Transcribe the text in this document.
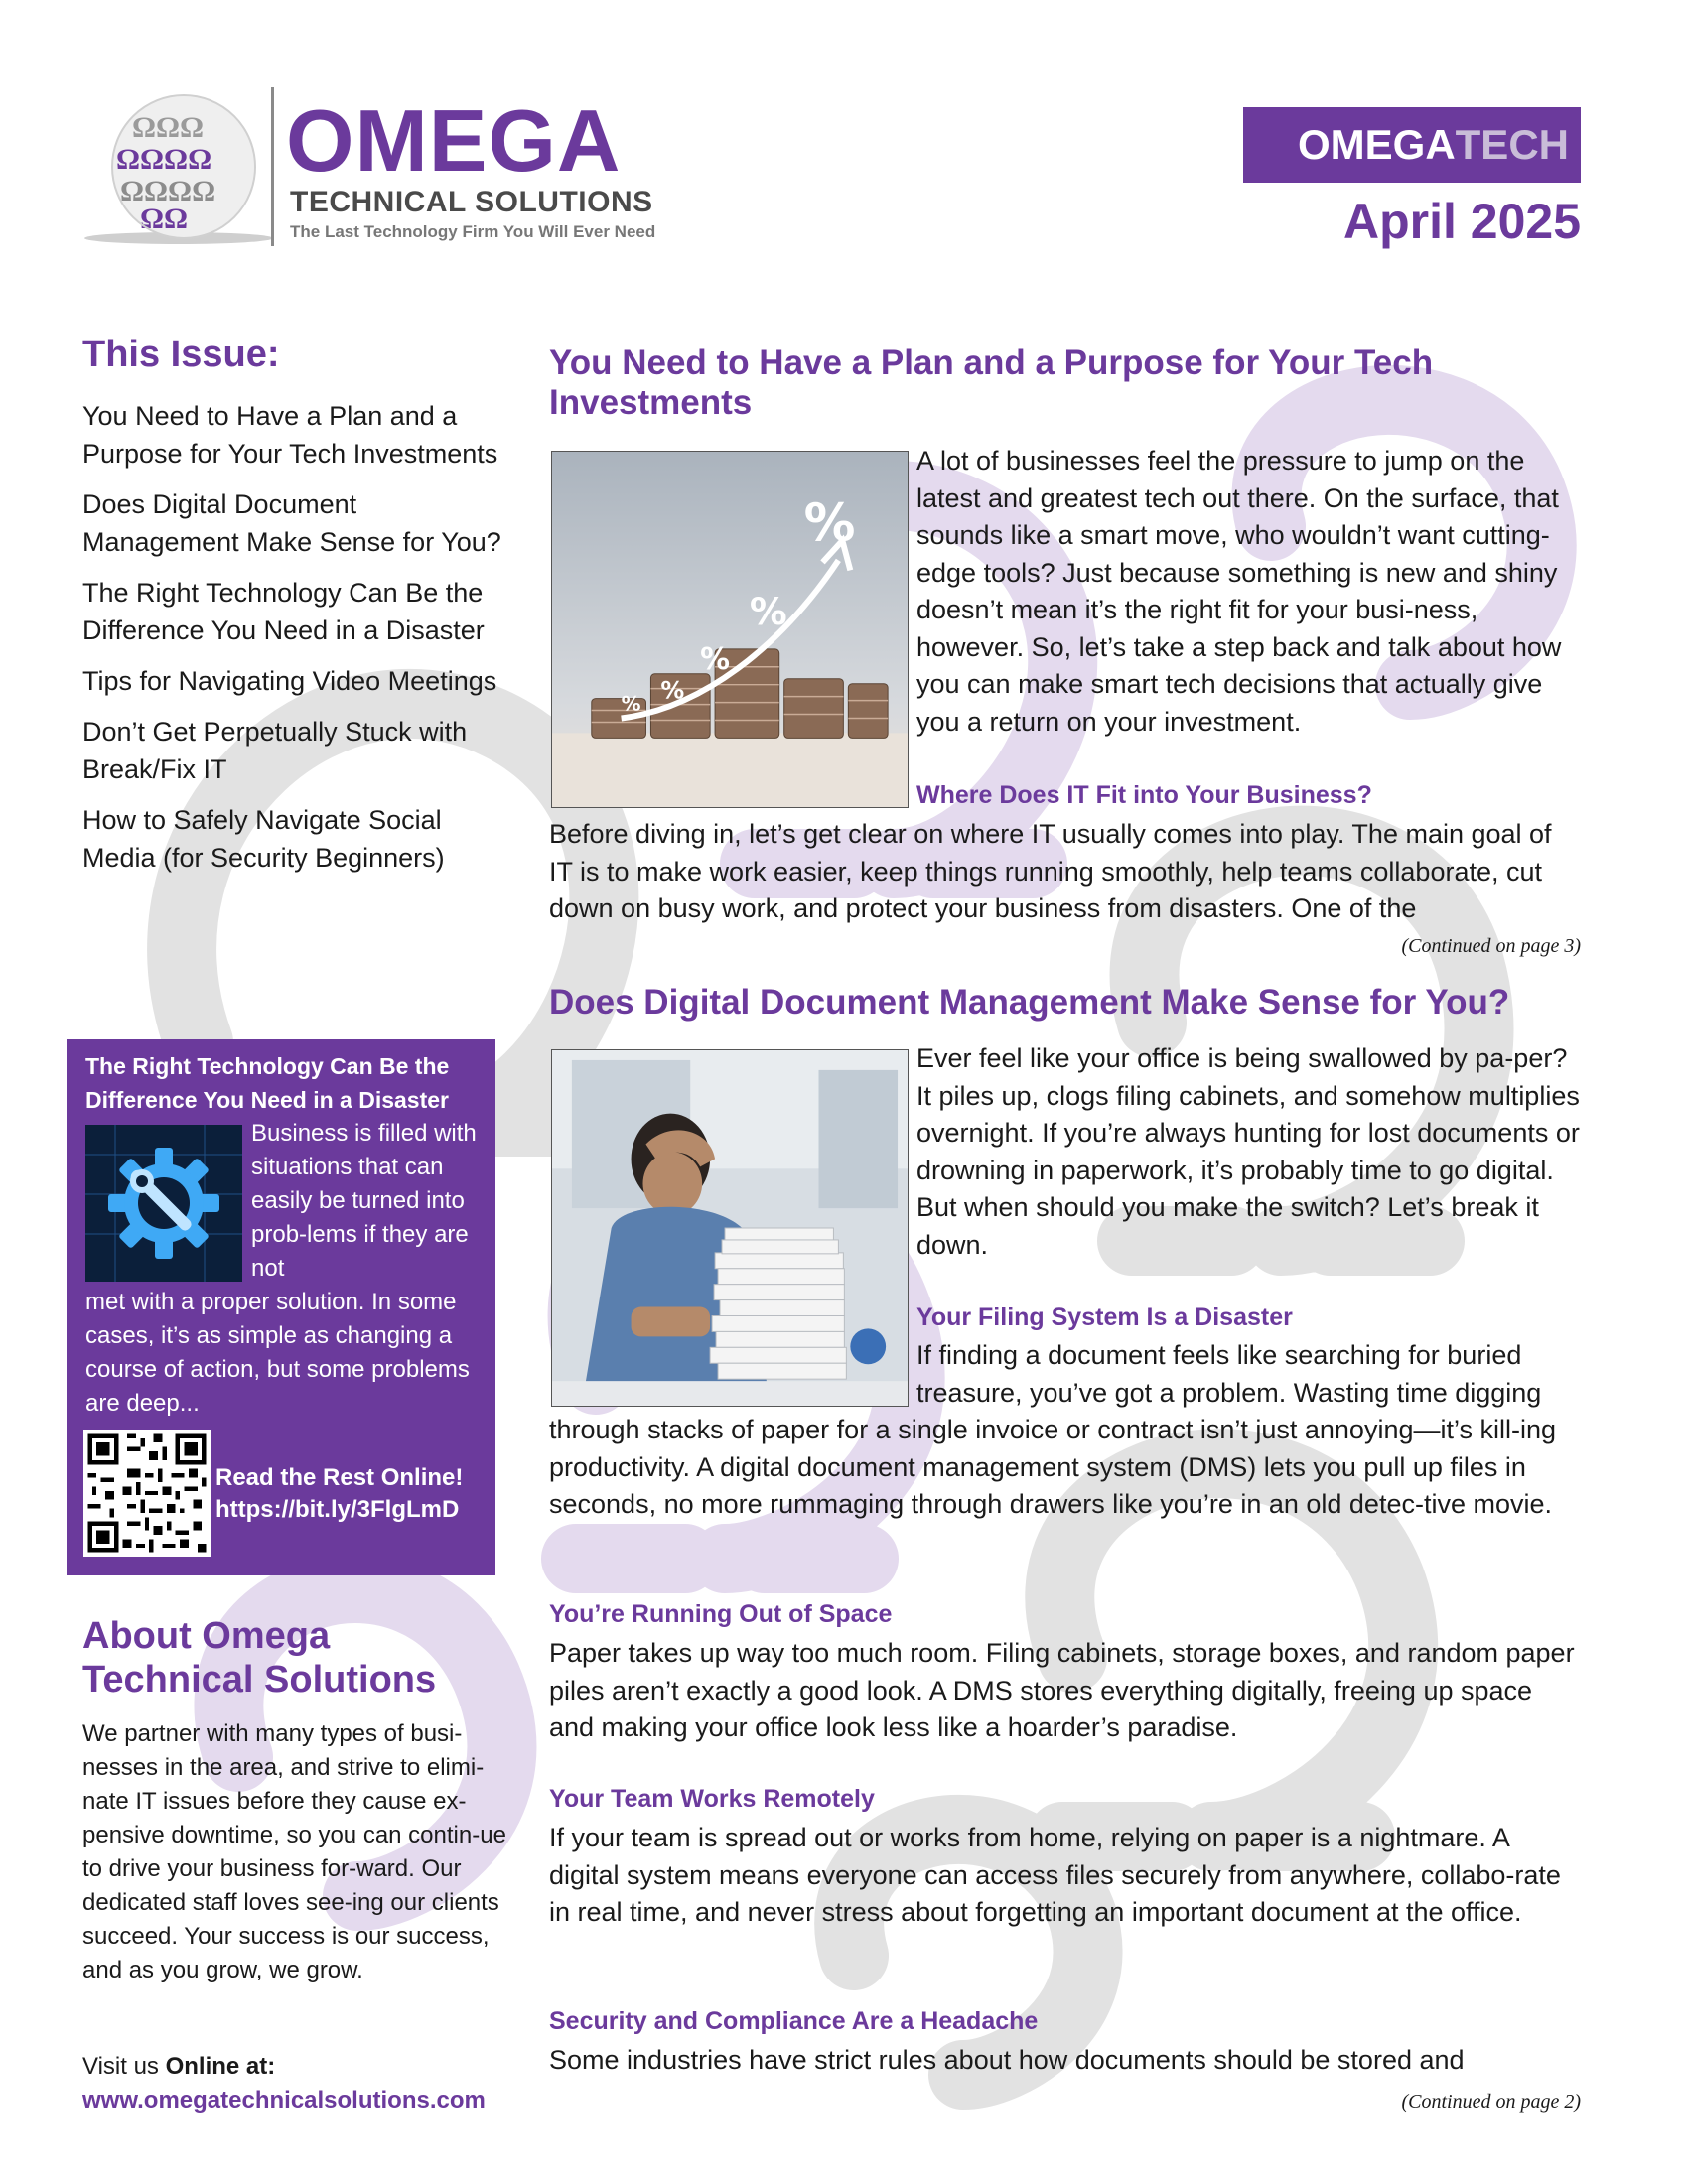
ΩΩΩ
ΩΩΩΩ
ΩΩΩΩ
ΩΩ
OMEGA
TECHNICAL SOLUTIONS
The Last Technology Firm You Will Ever Need
OMEGA TECH
April 2025
This Issue:
You Need to Have a Plan and a Purpose for Your Tech Investments
Does Digital Document Management Make Sense for You?
The Right Technology Can Be the Difference You Need in a Disaster
Tips for Navigating Video Meetings
Don’t Get Perpetually Stuck with Break/Fix IT
How to Safely Navigate Social Media (for Security Beginners)
The Right Technology Can Be the Difference You Need in a Disaster
Business is filled with situations that can easily be turned into prob-lems if they are not
met with a proper solution. In some cases, it’s as simple as changing a course of action, but some problems are deep...
Read the Rest Online!
https://bit.ly/3FlgLmD
About Omega Technical Solutions
We partner with many types of busi-nesses in the area, and strive to elimi-nate IT issues before they cause ex-pensive downtime, so you can contin-ue to drive your business for-ward. Our dedicated staff loves see-ing our clients succeed. Your success is our success, and as you grow, we grow.
Visit us Online at:
www.omegatechnicalsolutions.com
You Need to Have a Plan and a Purpose for Your Tech Investments
%
%
%
%
%
A lot of businesses feel the pressure to jump on the latest and greatest tech out there. On the surface, that sounds like a smart move, who wouldn’t want cutting-edge tools? Just because something is new and shiny doesn’t mean it’s the right fit for your busi-ness, however. So, let’s take a step back and talk about how you can make smart tech decisions that actually give you a return on your investment.
Where Does IT Fit into Your Business?
Before diving in, let’s get clear on where IT usually comes into play. The main goal of IT is to make work easier, keep things running smoothly, help teams collaborate, cut down on busy work, and protect your business from disasters. One of the
(Continued on page 3)
Does Digital Document Management Make Sense for You?
Ever feel like your office is being swallowed by pa-per? It piles up, clogs filing cabinets, and somehow multiplies overnight. If you’re always hunting for lost documents or drowning in paperwork, it’s probably time to go digital. But when should you make the switch? Let’s break it down.
Your Filing System Is a Disaster
If finding a document feels like searching for buried treasure, you’ve got a problem. Wasting time digging
through stacks of paper for a single invoice or contract isn’t just annoying—it’s kill-ing productivity. A digital document management system (DMS) lets you pull up files in seconds, no more rummaging through drawers like you’re in an old detec-tive movie.
You’re Running Out of Space
Paper takes up way too much room. Filing cabinets, storage boxes, and random paper piles aren’t exactly a good look. A DMS stores everything digitally, freeing up space and making your office look less like a hoarder’s paradise.
Your Team Works Remotely
If your team is spread out or works from home, relying on paper is a nightmare. A digital system means everyone can access files securely from anywhere, collabo-rate in real time, and never stress about forgetting an important document at the office.
Security and Compliance Are a Headache
Some industries have strict rules about how documents should be stored and
(Continued on page 2)
